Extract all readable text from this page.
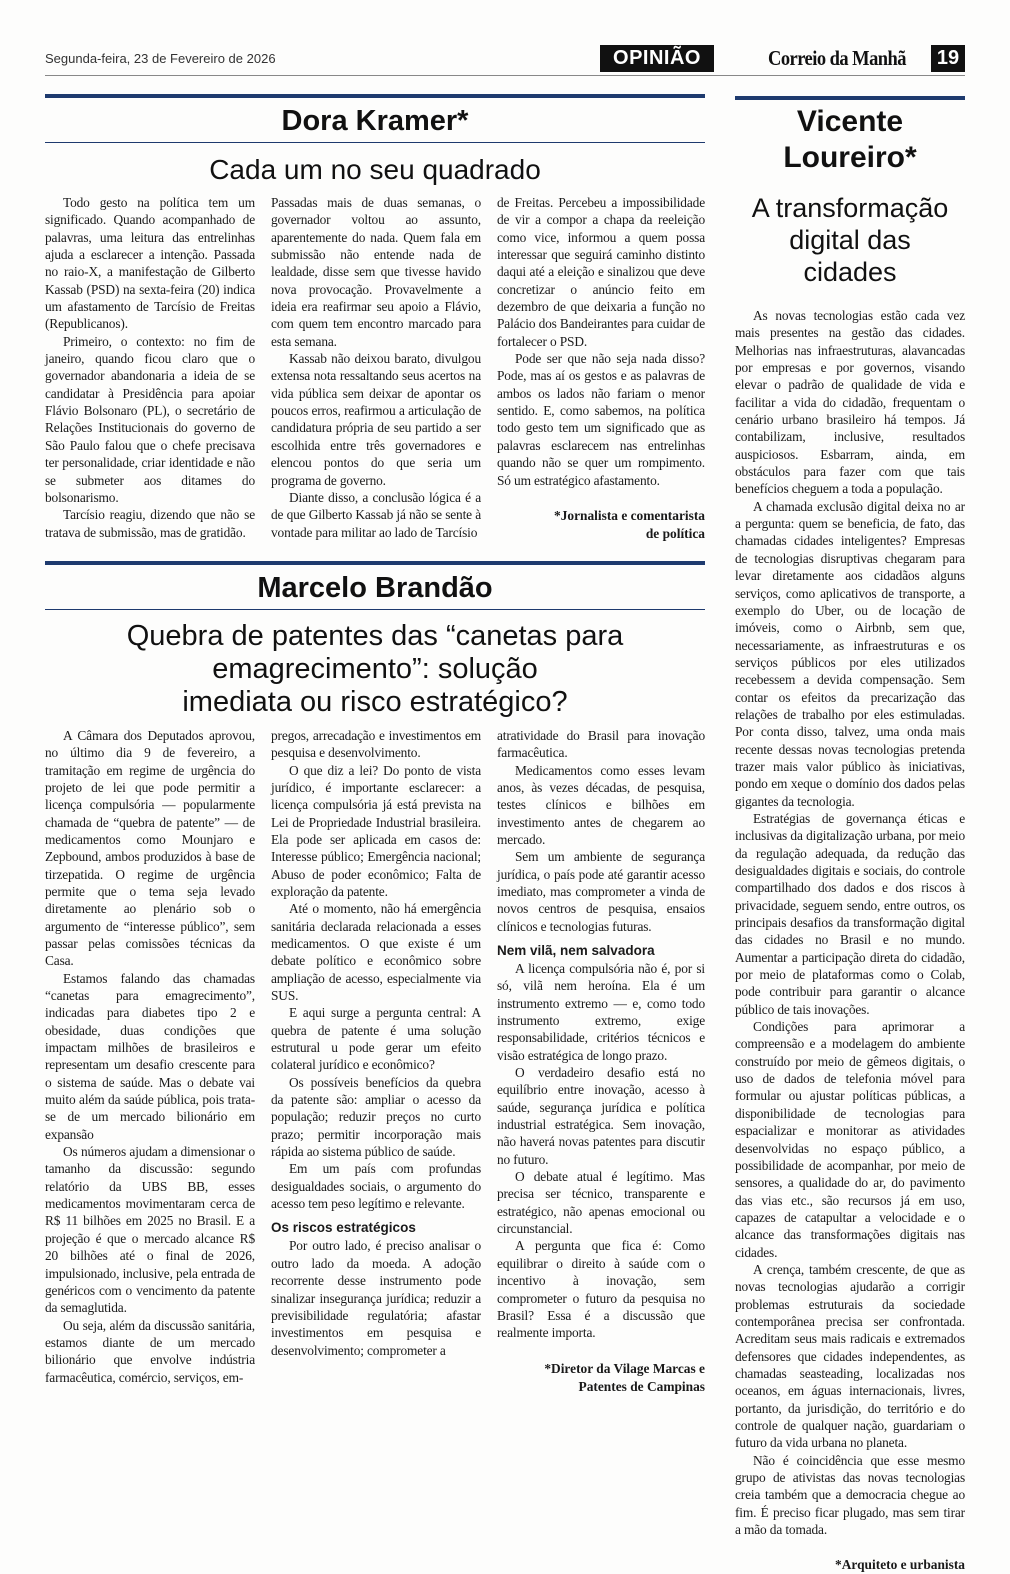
Segunda-feira, 23 de Fevereiro de 2026	OPINIÃO	Correio da Manhã 19
Dora Kramer*
Cada um no seu quadrado

Todo gesto na política tem um significado. Quando acompanhado de palavras, uma leitura das entrelinhas ajuda a esclarecer a intenção. Passada no raio-X, a manifestação de Gilberto Kassab (PSD) na sexta-feira (20) indica um afastamento de Tarcísio de Freitas (Republicanos).

Primeiro, o contexto: no fim de janeiro, quando ficou claro que o governador abandonaria a ideia de se candidatar à Presidência para apoiar Flávio Bolsonaro (PL), o secretário de Relações Institucionais do governo de São Paulo falou que o chefe precisava ter personalidade, criar identidade e não se submeter aos ditames do bolsonarismo.

Tarcísio reagiu, dizendo que não se tratava de submissão, mas de gratidão.

Passadas mais de duas semanas, o governador voltou ao assunto, aparentemente do nada. Quem fala em submissão não entende nada de lealdade, disse sem que tivesse havido nova provocação. Provavelmente a ideia era reafirmar seu apoio a Flávio, com quem tem encontro marcado para esta semana.

Kassab não deixou barato, divulgou extensa nota ressaltando seus acertos na vida pública sem deixar de apontar os poucos erros, reafirmou a articulação de candidatura própria de seu partido a ser escolhida entre três governadores e elencou pontos do que seria um programa de governo.

Diante disso, a conclusão lógica é a de que Gilberto Kassab já não se sente à vontade para militar ao lado de Tarcísio

de Freitas. Percebeu a impossibilidade de vir a compor a chapa da reeleição como vice, informou a quem possa interessar que seguirá caminho distinto daqui até a eleição e sinalizou que deve concretizar o anúncio feito em dezembro de que deixaria a função no Palácio dos Bandeirantes para cuidar de fortalecer o PSD.

Pode ser que não seja nada disso? Pode, mas aí os gestos e as palavras de ambos os lados não fariam o menor sentido. E, como sabemos, na política todo gesto tem um significado que as palavras esclarecem nas entrelinhas quando não se quer um rompimento. Só um estratégico afastamento.

*Jornalista e comentarista
de política
Marcelo Brandão
Quebra de patentes das “canetas para
emagrecimento”: solução
imediata ou risco estratégico?

A Câmara dos Deputados aprovou, no último dia 9 de fevereiro, a tramitação em regime de urgência do projeto de lei que pode permitir a licença compulsória — popularmente chamada de “quebra de patente” — de medicamentos como Mounjaro e Zepbound, ambos produzidos à base de tirzepatida. O regime de urgência permite que o tema seja levado diretamente ao plenário sob o argumento de “interesse público”, sem passar pelas comissões técnicas da Casa.

Estamos falando das chamadas “canetas para emagrecimento”, indicadas para diabetes tipo 2 e obesidade, duas condições que impactam milhões de brasileiros e representam um desafio crescente para o sistema de saúde. Mas o debate vai muito além da saúde pública, pois trata-se de um mercado bilionário em expansão

Os números ajudam a dimensionar o tamanho da discussão: segundo relatório da UBS BB, esses medicamentos movimentaram cerca de R$ 11 bilhões em 2025 no Brasil. E a projeção é que o mercado alcance R$ 20 bilhões até o final de 2026, impulsionado, inclusive, pela entrada de genéricos com o vencimento da patente da semaglutida.

Ou seja, além da discussão sanitária, estamos diante de um mercado bilionário que envolve indústria farmacêutica, comércio, serviços, em-

pregos, arrecadação e investimentos em pesquisa e desenvolvimento.

O que diz a lei? Do ponto de vista jurídico, é importante esclarecer: a licença compulsória já está prevista na Lei de Propriedade Industrial brasileira. Ela pode ser aplicada em casos de: Interesse público; Emergência nacional; Abuso de poder econômico; Falta de exploração da patente.

Até o momento, não há emergência sanitária declarada relacionada a esses medicamentos. O que existe é um debate político e econômico sobre ampliação de acesso, especialmente via SUS.

E aqui surge a pergunta central: A quebra de patente é uma solução estrutural u pode gerar um efeito colateral jurídico e econômico?

Os possíveis benefícios da quebra da patente são: ampliar o acesso da população; reduzir preços no curto prazo; permitir incorporação mais rápida ao sistema público de saúde.

Em um país com profundas desigualdades sociais, o argumento do acesso tem peso legítimo e relevante.

Os riscos estratégicos

Por outro lado, é preciso analisar o outro lado da moeda. A adoção recorrente desse instrumento pode sinalizar insegurança jurídica; reduzir a previsibilidade regulatória; afastar investimentos em pesquisa e desenvolvimento; comprometer a

atratividade do Brasil para inovação farmacêutica.

Medicamentos como esses levam anos, às vezes décadas, de pesquisa, testes clínicos e bilhões em investimento antes de chegarem ao mercado.

Sem um ambiente de segurança jurídica, o país pode até garantir acesso imediato, mas comprometer a vinda de novos centros de pesquisa, ensaios clínicos e tecnologias futuras.

Nem vilã, nem salvadora

A licença compulsória não é, por si só, vilã nem heroína. Ela é um instrumento extremo — e, como todo instrumento extremo, exige responsabilidade, critérios técnicos e visão estratégica de longo prazo.

O verdadeiro desafio está no equilíbrio entre inovação, acesso à saúde, segurança jurídica e política industrial estratégica. Sem inovação, não haverá novas patentes para discutir no futuro.

O debate atual é legítimo. Mas precisa ser técnico, transparente e estratégico, não apenas emocional ou circunstancial.

A pergunta que fica é: Como equilibrar o direito à saúde com o incentivo à inovação, sem comprometer o futuro da pesquisa no Brasil? Essa é a discussão que realmente importa.

*Diretor da Vilage Marcas e
Patentes de Campinas
Vicente
Loureiro*
A transformação
digital das
cidades

As novas tecnologias estão cada vez mais presentes na gestão das cidades. Melhorias nas infraestruturas, alavancadas por empresas e por governos, visando elevar o padrão de qualidade de vida e facilitar a vida do cidadão, frequentam o cenário urbano brasileiro há tempos. Já contabilizam, inclusive, resultados auspiciosos. Esbarram, ainda, em obstáculos para fazer com que tais benefícios cheguem a toda a população.

A chamada exclusão digital deixa no ar a pergunta: quem se beneficia, de fato, das chamadas cidades inteligentes? Empresas de tecnologias disruptivas chegaram para levar diretamente aos cidadãos alguns serviços, como aplicativos de transporte, a exemplo do Uber, ou de locação de imóveis, como o Airbnb, sem que, necessariamente, as infraestruturas e os serviços públicos por eles utilizados recebessem a devida compensação. Sem contar os efeitos da precarização das relações de trabalho por eles estimuladas. Por conta disso, talvez, uma onda mais recente dessas novas tecnologias pretenda trazer mais valor público às iniciativas, pondo em xeque o domínio dos dados pelas gigantes da tecnologia.

Estratégias de governança éticas e inclusivas da digitalização urbana, por meio da regulação adequada, da redução das desigualdades digitais e sociais, do controle compartilhado dos dados e dos riscos à privacidade, seguem sendo, entre outros, os principais desafios da transformação digital das cidades no Brasil e no mundo. Aumentar a participação direta do cidadão, por meio de plataformas como o Colab, pode contribuir para garantir o alcance público de tais inovações.

Condições para aprimorar a compreensão e a modelagem do ambiente construído por meio de gêmeos digitais, o uso de dados de telefonia móvel para formular ou ajustar políticas públicas, a disponibilidade de tecnologias para espacializar e monitorar as atividades desenvolvidas no espaço público, a possibilidade de acompanhar, por meio de sensores, a qualidade do ar, do pavimento das vias etc., são recursos já em uso, capazes de catapultar a velocidade e o alcance das transformações digitais nas cidades.

A crença, também crescente, de que as novas tecnologias ajudarão a corrigir problemas estruturais da sociedade contemporânea precisa ser confrontada. Acreditam seus mais radicais e extremados defensores que cidades independentes, as chamadas seasteading, localizadas nos oceanos, em águas internacionais, livres, portanto, da jurisdição, do território e do controle de qualquer nação, guardariam o futuro da vida urbana no planeta.

Não é coincidência que esse mesmo grupo de ativistas das novas tecnologias creia também que a democracia chegue ao fim. É preciso ficar plugado, mas sem tirar a mão da tomada.

*Arquiteto e urbanista
